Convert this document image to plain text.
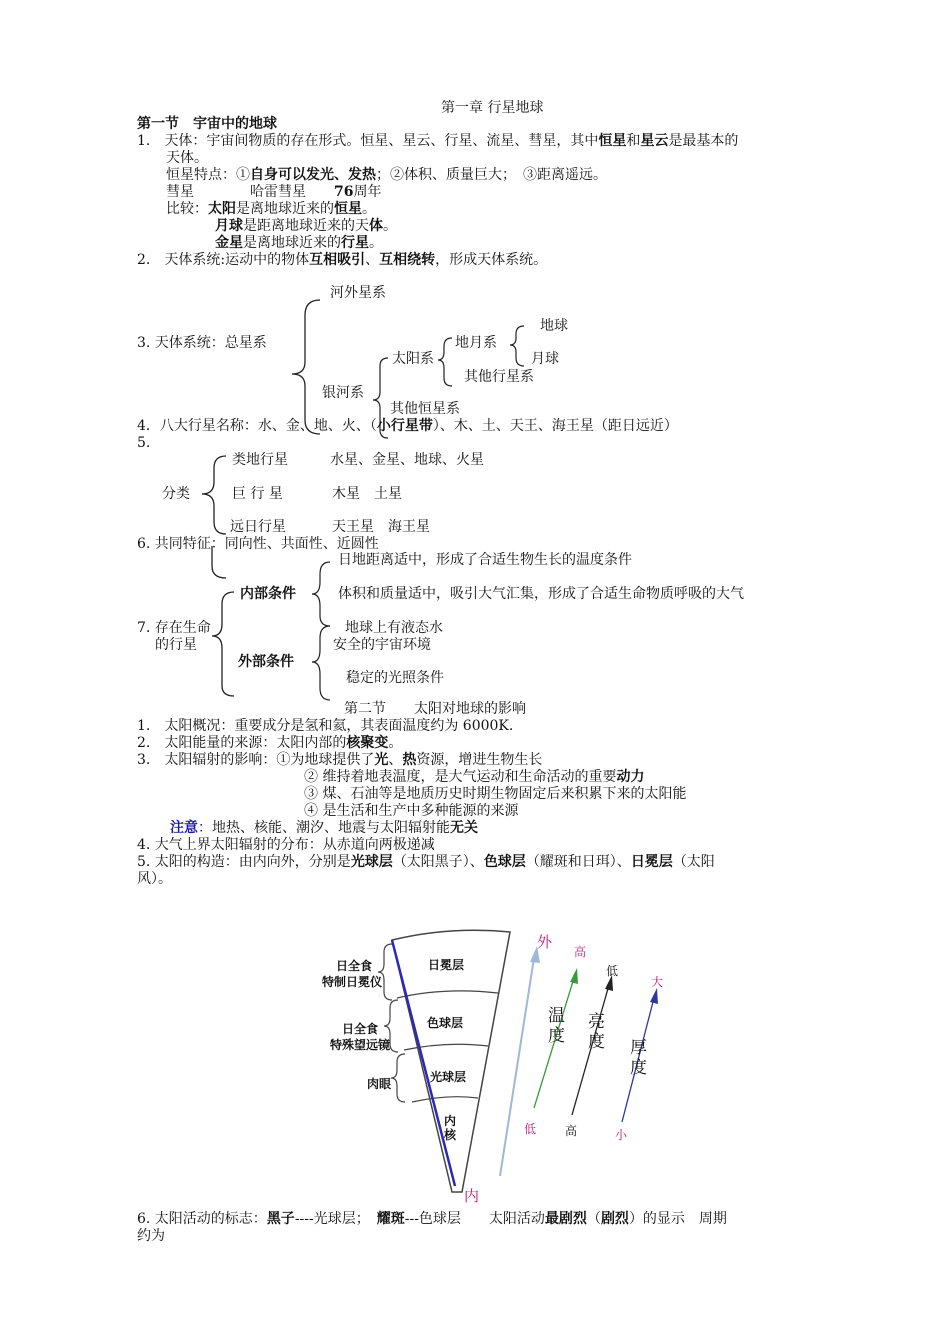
第一章 行星地球
第一节　宇宙中的地球
1.　天体：宇宙间物质的存在形式。恒星、星云、行星、流星、彗星，其中恒星和星云是最基本的
天体。
恒星特点：①自身可以发光、发热；②体积、质量巨大；　③距离遥远。
彗星　　　　哈雷彗星　　 76周年
比较：太阳是离地球近来的恒星。
月球是距离地球近来的天体。
金星是离地球近来的行星。
2.　天体系统:运动中的物体互相吸引、互相绕转，形成天体系统。
河外星系
地球
3. 天体系统：总星系	地月系
太阳系	月球
其他行星系
银河系
其他恒星系
4．八大行星名称：水、金、地、火、（小行星带）、木、土、天王、海王星（距日远近）
5.
类地行星	水星、金星、地球、火星
分类	巨 行 星	木星　土星
远日行星	天王星　海王星
6. 共同特征：同向性、共面性、近圆性
日地距离适中，形成了合适生物生长的温度条件
内部条件	体积和质量适中，吸引大气汇集，形成了合适生命物质呼吸的大气
7. 存在生命	地球上有液态水
的行星	安全的宇宙环境
外部条件
稳定的光照条件
第二节　　太阳对地球的影响
1.　太阳概况：重要成分是氢和氦，其表面温度约为 6000K.
2.　太阳能量的来源：太阳内部的核聚变。
3.　太阳辐射的影响：①为地球提供了光、热资源，增进生物生长
② 维持着地表温度，是大气运动和生命活动的重要动力
③ 煤、石油等是地质历史时期生物固定后来积累下来的太阳能
④ 是生活和生产中多种能源的来源
注意：地热、核能、潮汐、地震与太阳辐射能无关
4. 大气上界太阳辐射的分布：从赤道向两极递减
5. 太阳的构造：由内向外，分别是光球层（太阳黑子）、色球层（耀斑和日珥）、日冕层（太阳
风）。
日冕层
色球层
光球层
内
核
日全食
特制日冕仪
日全食
特殊望远镜
肉眼
外
内
高
低
温
度
低
高
亮
度
大
小
厚
度
6. 太阳活动的标志：黑子----光球层；　耀斑---色球层　　太阳活动最剧烈（剧烈）的显示　周期
约为
